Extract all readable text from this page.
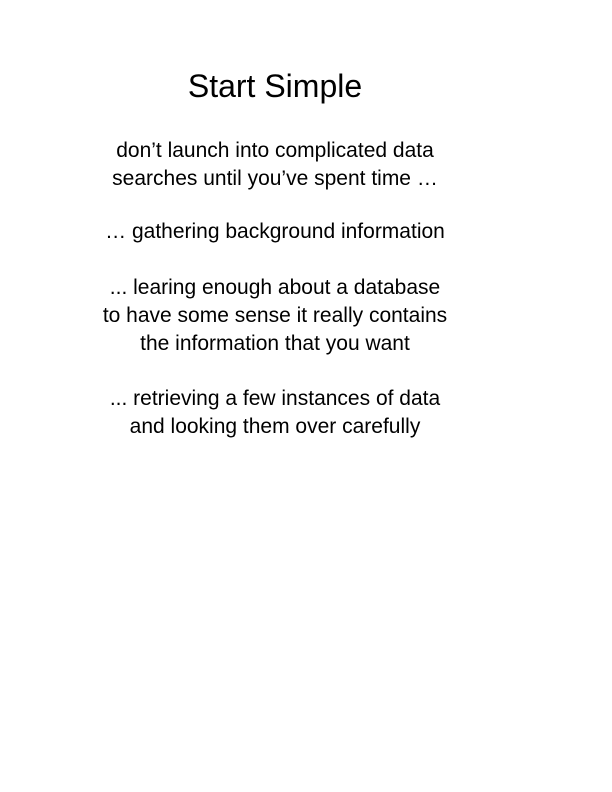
Start Simple
don’t launch into complicated data
searches until you’ve spent time …
… gathering background information
... learing enough about a database
to have some sense it really contains
the information that you want
... retrieving a few instances of data
and looking them over carefully
